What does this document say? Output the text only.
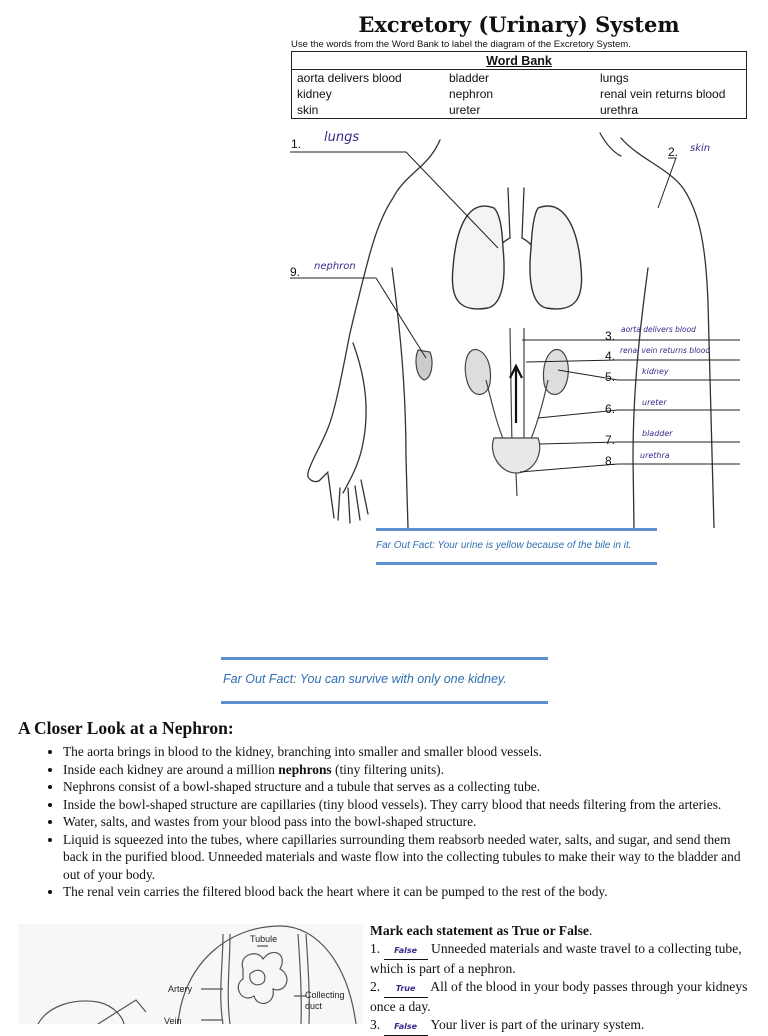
Excretory (Urinary) System
Use the words from the Word Bank to label the diagram of the Excretory System.
Word Bank		
aorta delivers blood	bladder	lungs
kidney	nephron	renal vein returns blood
skin	ureter	urethra
1. lungs
2. skin
9. nephron
3. aorta delivers blood
4. renal vein returns blood
5.	kidney
6.	ureter
7.	bladder
8.	urethra
Far Out Fact: Your urine is yellow because of the bile in it.
Far Out Fact: You can survive with only one kidney.
A Closer Look at a Nephron:
• The aorta brings in blood to the kidney, branching into smaller and smaller blood vessels.
• Inside each kidney are around a million nephrons (tiny filtering units).
• Nephrons consist of a bowl-shaped structure and a tubule that serves as a collecting tube.
• Inside the bowl-shaped structure are capillaries (tiny blood vessels). They carry blood that needs filtering from the arteries.
• Water, salts, and wastes from your blood pass into the bowl-shaped structure.
• Liquid is squeezed into the tubes, where capillaries surrounding them reabsorb needed water, salts, and sugar, and send them back in the purified blood. Unneeded materials and waste flow into the collecting tubules to make their way to the bladder and out of your body.
• The renal vein carries the filtered blood back the heart where it can be pumped to the rest of the body.
Tubule
Artery
Vein
Collecting duct
Mark each statement as True or False.
1. False Unneeded materials and waste travel to a collecting tube, which is part of a nephron.
2. True All of the blood in your body passes through your kidneys once a day.
3. False Your liver is part of the urinary system.
